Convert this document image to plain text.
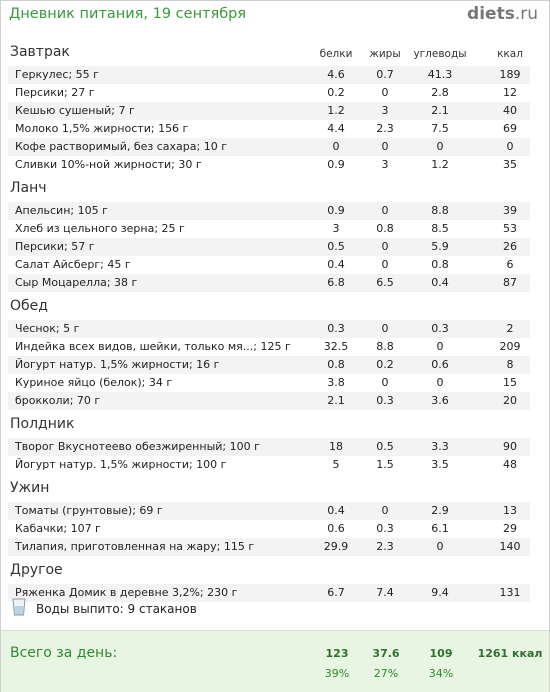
Дневник питания, 19 сентября	diets.ru
белки	жиры	углеводы	ккал
Завтрак
Геркулес; 55 г	4.6	0.7	41.3	189
Персики; 27 г	0.2	0	2.8	12
Кешью сушеный; 7 г	1.2	3	2.1	40
Молоко 1,5% жирности; 156 г	4.4	2.3	7.5	69
Кофе растворимый, без сахара; 10 г	0	0	0	0
Сливки 10%-ной жирности; 30 г	0.9	3	1.2	35
Ланч
Апельсин; 105 г	0.9	0	8.8	39
Хлеб из цельного зерна; 25 г	3	0.8	8.5	53
Персики; 57 г	0.5	0	5.9	26
Салат Айсберг; 45 г	0.4	0	0.8	6
Сыр Моцарелла; 38 г	6.8	6.5	0.4	87
Обед
Чеснок; 5 г	0.3	0	0.3	2
Индейка всех видов, шейки, только мя...; 125 г	32.5	8.8	0	209
Йогурт натур. 1,5% жирности; 16 г	0.8	0.2	0.6	8
Куриное яйцо (белок); 34 г	3.8	0	0	15
брокколи; 70 г	2.1	0.3	3.6	20
Полдник
Творог Вкуснотеево обезжиренный; 100 г	18	0.5	3.3	90
Йогурт натур. 1,5% жирности; 100 г	5	1.5	3.5	48
Ужин
Томаты (грунтовые); 69 г	0.4	0	2.9	13
Кабачки; 107 г	0.6	0.3	6.1	29
Тилапия, приготовленная на жару; 115 г	29.9	2.3	0	140
Другое
Ряженка Домик в деревне 3,2%; 230 г	6.7	7.4	9.4	131
Воды выпито: 9 стаканов
Всего за день:	123	37.6	109	1261 ккал
39%	27%	34%
